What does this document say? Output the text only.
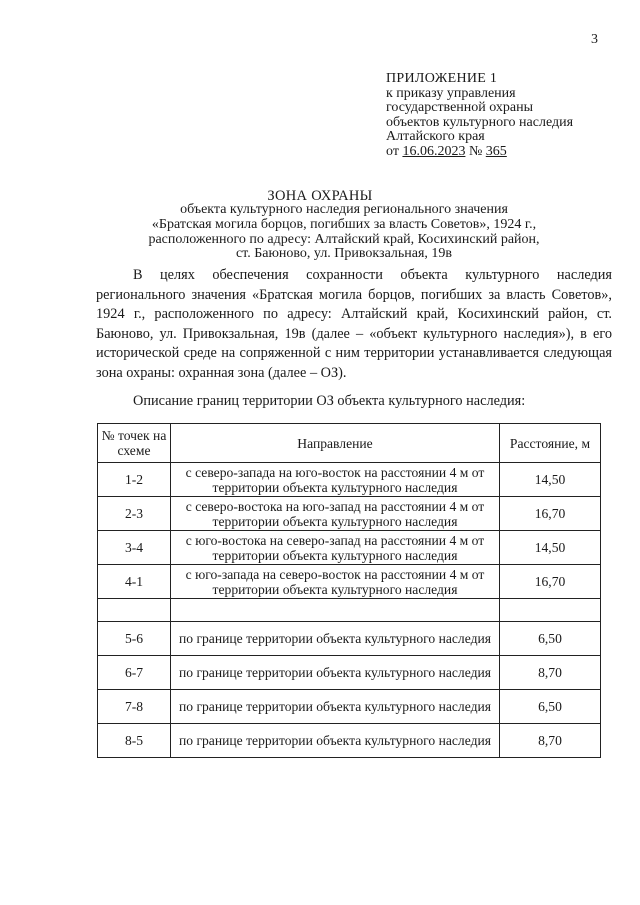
3
ПРИЛОЖЕНИЕ 1
к приказу управления
государственной охраны
объектов культурного наследия
Алтайского края
от 16.06.2023 № 365
ЗОНА ОХРАНЫ
объекта культурного наследия регионального значения
«Братская могила борцов, погибших за власть Советов», 1924 г.,
расположенного по адресу: Алтайский край, Косихинский район,
ст. Баюново, ул. Привокзальная, 19в
В целях обеспечения сохранности объекта культурного наследия регионального значения «Братская могила борцов, погибших за власть Советов», 1924 г., расположенного по адресу: Алтайский край, Косихинский район, ст. Баюново, ул. Привокзальная, 19в (далее – «объект культурного наследия»), в его исторической среде на сопряженной с ним территории устанавливается следующая зона охраны: охранная зона (далее – ОЗ).
Описание границ территории ОЗ объекта культурного наследия:
№ точек на схеме	Направление	Расстояние, м
1-2	с северо-запада на юго-восток на расстоянии 4 м от территории объекта культурного наследия	14,50
2-3	с северо-востока на юго-запад на расстоянии 4 м от территории объекта культурного наследия	16,70
3-4	с юго-востока на северо-запад на расстоянии 4 м от территории объекта культурного наследия	14,50
4-1	с юго-запада на северо-восток на расстоянии 4 м от территории объекта культурного наследия	16,70

5-6	по границе территории объекта культурного наследия	6,50
6-7	по границе территории объекта культурного наследия	8,70
7-8	по границе территории объекта культурного наследия	6,50
8-5	по границе территории объекта культурного наследия	8,70
